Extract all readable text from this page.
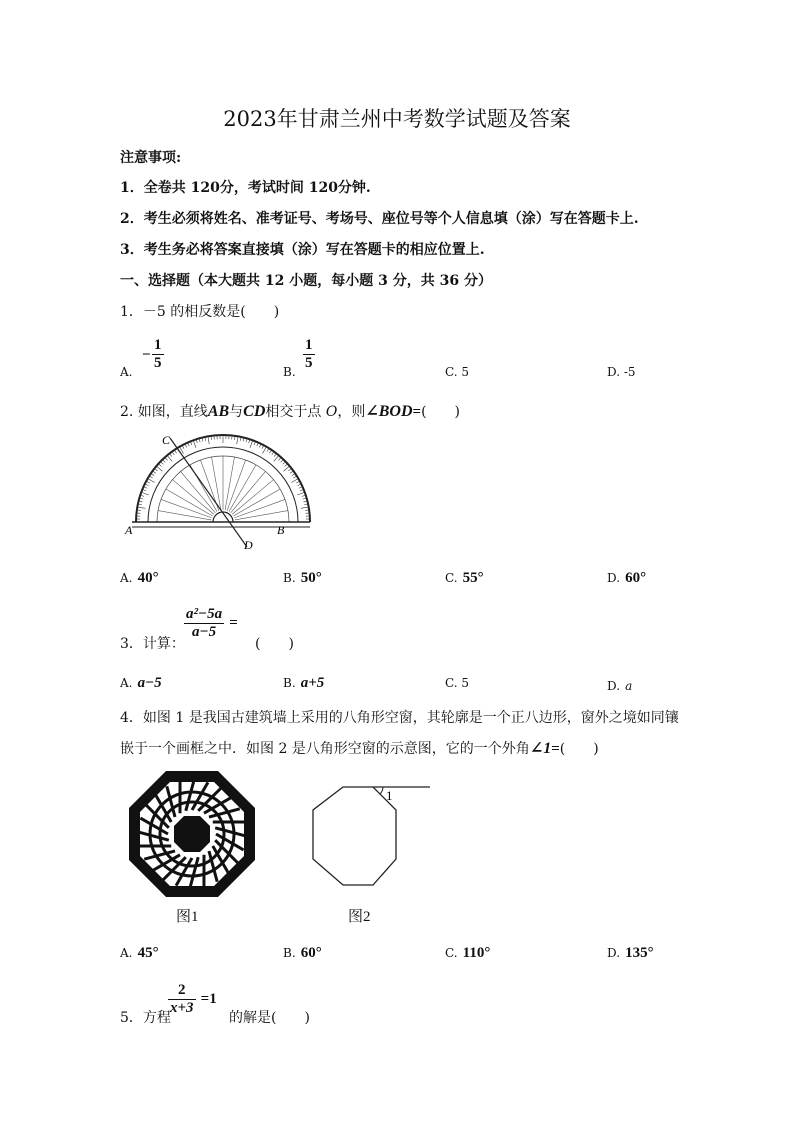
2023年甘肃兰州中考数学试题及答案
注意事项:
1．全卷共 120分，考试时间 120分钟.
2．考生必须将姓名、准考证号、考场号、座位号等个人信息填（涂）写在答题卡上.
3．考生务必将答案直接填（涂）写在答题卡的相应位置上.
一、选择题（本大题共 12 小题，每小题 3 分，共 36 分）
1．－5 的相反数是(　　)
A.
−
1
5
B.
1
5
C. 5	D. -5
2. 如图，直线AB与CD相交于点 O，则∠BOD=(　　)
A	B
C
D
A. 40°	B. 50°	C. 55°	D. 60°
3．计算：
$\frac{\text{a²−5a}}{a-5}$ =
(　　)
A. a−5	B. a+5	C. 5	D. a
4．如图 1 是我国古建筑墙上采用的八角形空窗，其轮廓是一个正八边形，窗外之境如同镶
嵌于一个画框之中．如图 2 是八角形空窗的示意图，它的一个外角∠1=(　　)
图1
1
图2
A. 45°	B. 60°	C. 110°	D. 135°
5．方程
$\frac{2}{x+3} =1$
的解是(　　)
